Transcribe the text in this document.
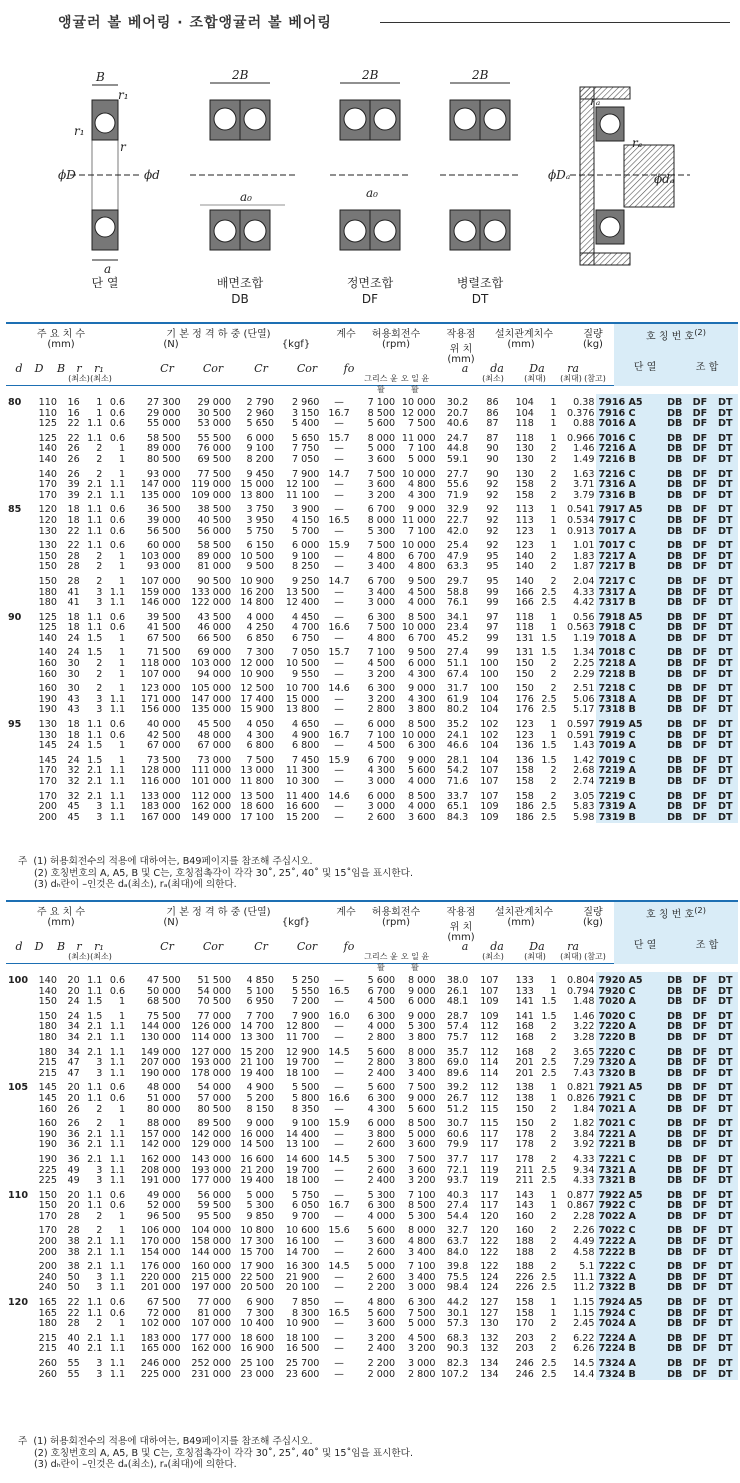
앵귤러 볼 베어링 · 조합앵귤러 볼 베어링
B
r₁
r₁
r
ϕD	ϕd
a
2B
a₀
2B
a₀
2B
rₐ
rₐ
ϕDₐ	ϕdₐ
단 열	배면조합
DB
정면조합
DF
병렬조합
DT
주 요 치 수
(mm)
기 본 정 격 하 중 (단열)
(N)	{kgf}
계수	허용회전수
(rpm)
작용점 위 치
(mm)
설치관계치수
(mm)
질량
(kg)
호 칭 번 호$^{(2)}$
단 열	조 합
d	D	B	r	r₁	Cr	Cor	Cr	Cor	fo	a	da	Da	ra
(최소) (최소)	(최소)	(최대)	(최대) (참고)
그리스 윤 활
오 일 윤 활
80	110	16	1	0.6	27 300	29 000	2 790	2 960	—	7 100	10 000	30.2	86	104	1	0.38	7916 A5	DB	DF	DT
	110	16	1	0.6	29 000	30 500	2 960	3 150	16.7	8 500	12 000	20.7	86	104	1	0.376	7916 C	DB	DF	DT
	125	22	1.1	0.6	55 000	53 000	5 650	5 400	—	5 600	7 500	40.6	87	118	1	0.88	7016 A	DB	DF	DT
	125	22	1.1	0.6	58 500	55 500	6 000	5 650	15.7	8 000	11 000	24.7	87	118	1	0.966	7016 C	DB	DF	DT
	140	26	2	1	89 000	76 000	9 100	7 750	—	5 000	7 100	44.8	90	130	2	1.46	7216 A	DB	DF	DT
	140	26	2	1	80 500	69 500	8 200	7 050	—	3 600	5 000	59.1	90	130	2	1.49	7216 B	DB	DF	DT
	140	26	2	1	93 000	77 500	9 450	7 900	14.7	7 500	10 000	27.7	90	130	2	1.63	7216 C	DB	DF	DT
	170	39	2.1	1.1	147 000	119 000	15 000	12 100	—	3 600	4 800	55.6	92	158	2	3.71	7316 A	DB	DF	DT
	170	39	2.1	1.1	135 000	109 000	13 800	11 100	—	3 200	4 300	71.9	92	158	2	3.79	7316 B	DB	DF	DT
85	120	18	1.1	0.6	36 500	38 500	3 750	3 900	—	6 700	9 000	32.9	92	113	1	0.541	7917 A5	DB	DF	DT
	120	18	1.1	0.6	39 000	40 500	3 950	4 150	16.5	8 000	11 000	22.7	92	113	1	0.534	7917 C	DB	DF	DT
	130	22	1.1	0.6	56 500	56 000	5 750	5 700	—	5 300	7 100	42.0	92	123	1	0.913	7017 A	DB	DF	DT
	130	22	1.1	0.6	60 000	58 500	6 150	6 000	15.9	7 500	10 000	25.4	92	123	1	1.01	7017 C	DB	DF	DT
	150	28	2	1	103 000	89 000	10 500	9 100	—	4 800	6 700	47.9	95	140	2	1.83	7217 A	DB	DF	DT
	150	28	2	1	93 000	81 000	9 500	8 250	—	3 400	4 800	63.3	95	140	2	1.87	7217 B	DB	DF	DT
	150	28	2	1	107 000	90 500	10 900	9 250	14.7	6 700	9 500	29.7	95	140	2	2.04	7217 C	DB	DF	DT
	180	41	3	1.1	159 000	133 000	16 200	13 500	—	3 400	4 500	58.8	99	166	2.5	4.33	7317 A	DB	DF	DT
	180	41	3	1.1	146 000	122 000	14 800	12 400	—	3 000	4 000	76.1	99	166	2.5	4.42	7317 B	DB	DF	DT
90	125	18	1.1	0.6	39 500	43 500	4 000	4 450	—	6 300	8 500	34.1	97	118	1	0.56	7918 A5	DB	DF	DT
	125	18	1.1	0.6	41 500	46 000	4 250	4 700	16.6	7 500	10 000	23.4	97	118	1	0.563	7918 C	DB	DF	DT
	140	24	1.5	1	67 500	66 500	6 850	6 750	—	4 800	6 700	45.2	99	131	1.5	1.19	7018 A	DB	DF	DT
	140	24	1.5	1	71 500	69 000	7 300	7 050	15.7	7 100	9 500	27.4	99	131	1.5	1.34	7018 C	DB	DF	DT
	160	30	2	1	118 000	103 000	12 000	10 500	—	4 500	6 000	51.1	100	150	2	2.25	7218 A	DB	DF	DT
	160	30	2	1	107 000	94 000	10 900	9 550	—	3 200	4 300	67.4	100	150	2	2.29	7218 B	DB	DF	DT
	160	30	2	1	123 000	105 000	12 500	10 700	14.6	6 300	9 000	31.7	100	150	2	2.51	7218 C	DB	DF	DT
	190	43	3	1.1	171 000	147 000	17 400	15 000	—	3 200	4 300	61.9	104	176	2.5	5.06	7318 A	DB	DF	DT
	190	43	3	1.1	156 000	135 000	15 900	13 800	—	2 800	3 800	80.2	104	176	2.5	5.17	7318 B	DB	DF	DT
95	130	18	1.1	0.6	40 000	45 500	4 050	4 650	—	6 000	8 500	35.2	102	123	1	0.597	7919 A5	DB	DF	DT
	130	18	1.1	0.6	42 500	48 000	4 300	4 900	16.7	7 100	10 000	24.1	102	123	1	0.591	7919 C	DB	DF	DT
	145	24	1.5	1	67 000	67 000	6 800	6 800	—	4 500	6 300	46.6	104	136	1.5	1.43	7019 A	DB	DF	DT
	145	24	1.5	1	73 500	73 000	7 500	7 450	15.9	6 700	9 000	28.1	104	136	1.5	1.42	7019 C	DB	DF	DT
	170	32	2.1	1.1	128 000	111 000	13 000	11 300	—	4 300	5 600	54.2	107	158	2	2.68	7219 A	DB	DF	DT
	170	32	2.1	1.1	116 000	101 000	11 800	10 300	—	3 000	4 000	71.6	107	158	2	2.74	7219 B	DB	DF	DT
	170	32	2.1	1.1	133 000	112 000	13 500	11 400	14.6	6 000	8 500	33.7	107	158	2	3.05	7219 C	DB	DF	DT
	200	45	3	1.1	183 000	162 000	18 600	16 600	—	3 000	4 000	65.1	109	186	2.5	5.83	7319 A	DB	DF	DT
	200	45	3	1.1	167 000	149 000	17 100	15 200	—	2 600	3 600	84.3	109	186	2.5	5.98	7319 B	DB	DF	DT
주 (1) 허용회전수의 적용에 대하여는, B49페이지를 참조해 주십시오.
(2) 호칭번호의 A, A5, B 및 C는, 호칭접촉각이 각각 30˚, 25˚, 40˚ 및 15˚임을 표시한다.
(3) dₕ란이 –인것은 dₐ(최소), rₐ(최대)에 의한다.
주 요 치 수
(mm)
기 본 정 격 하 중 (단열)
(N)	{kgf}
계수	허용회전수
(rpm)
작용점 위 치
(mm)
설치관계치수
(mm)
질량
(kg)
호 칭 번 호$^{(2)}$
단 열	조 합
d	D	B	r	r₁	Cr	Cor	Cr	Cor	fo	a	da	Da	ra
(최소) (최소)	(최소)	(최대)	(최대) (참고)
그리스 윤 활
오 일 윤 활
100	140	20	1.1	0.6	47 500	51 500	4 850	5 250	—	5 600	8 000	38.0	107	133	1	0.804	7920 A5	DB	DF	DT
	140	20	1.1	0.6	50 000	54 000	5 100	5 550	16.5	6 700	9 000	26.1	107	133	1	0.794	7920 C	DB	DF	DT
	150	24	1.5	1	68 500	70 500	6 950	7 200	—	4 500	6 000	48.1	109	141	1.5	1.48	7020 A	DB	DF	DT
	150	24	1.5	1	75 500	77 000	7 700	7 900	16.0	6 300	9 000	28.7	109	141	1.5	1.46	7020 C	DB	DF	DT
	180	34	2.1	1.1	144 000	126 000	14 700	12 800	—	4 000	5 300	57.4	112	168	2	3.22	7220 A	DB	DF	DT
	180	34	2.1	1.1	130 000	114 000	13 300	11 700	—	2 800	3 800	75.7	112	168	2	3.28	7220 B	DB	DF	DT
	180	34	2.1	1.1	149 000	127 000	15 200	12 900	14.5	5 600	8 000	35.7	112	168	2	3.65	7220 C	DB	DF	DT
	215	47	3	1.1	207 000	193 000	21 100	19 700	—	2 800	3 800	69.0	114	201	2.5	7.29	7320 A	DB	DF	DT
	215	47	3	1.1	190 000	178 000	19 400	18 100	—	2 400	3 400	89.6	114	201	2.5	7.43	7320 B	DB	DF	DT
105	145	20	1.1	0.6	48 000	54 000	4 900	5 500	—	5 600	7 500	39.2	112	138	1	0.821	7921 A5	DB	DF	DT
	145	20	1.1	0.6	51 000	57 000	5 200	5 800	16.6	6 300	9 000	26.7	112	138	1	0.826	7921 C	DB	DF	DT
	160	26	2	1	80 000	80 500	8 150	8 350	—	4 300	5 600	51.2	115	150	2	1.84	7021 A	DB	DF	DT
	160	26	2	1	88 000	89 500	9 000	9 100	15.9	6 000	8 500	30.7	115	150	2	1.82	7021 C	DB	DF	DT
	190	36	2.1	1.1	157 000	142 000	16 000	14 400	—	3 800	5 000	60.6	117	178	2	3.84	7221 A	DB	DF	DT
	190	36	2.1	1.1	142 000	129 000	14 500	13 100	—	2 600	3 600	79.9	117	178	2	3.92	7221 B	DB	DF	DT
	190	36	2.1	1.1	162 000	143 000	16 600	14 600	14.5	5 300	7 500	37.7	117	178	2	4.33	7221 C	DB	DF	DT
	225	49	3	1.1	208 000	193 000	21 200	19 700	—	2 600	3 600	72.1	119	211	2.5	9.34	7321 A	DB	DF	DT
	225	49	3	1.1	191 000	177 000	19 400	18 100	—	2 400	3 200	93.7	119	211	2.5	4.33	7321 B	DB	DF	DT
110	150	20	1.1	0.6	49 000	56 000	5 000	5 750	—	5 300	7 100	40.3	117	143	1	0.877	7922 A5	DB	DF	DT
	150	20	1.1	0.6	52 000	59 500	5 300	6 050	16.7	6 300	8 500	27.4	117	143	1	0.867	7922 C	DB	DF	DT
	170	28	2	1	96 500	95 500	9 850	9 700	—	4 000	5 300	54.4	120	160	2	2.28	7022 A	DB	DF	DT
	170	28	2	1	106 000	104 000	10 800	10 600	15.6	5 600	8 000	32.7	120	160	2	2.26	7022 C	DB	DF	DT
	200	38	2.1	1.1	170 000	158 000	17 300	16 100	—	3 600	4 800	63.7	122	188	2	4.49	7222 A	DB	DF	DT
	200	38	2.1	1.1	154 000	144 000	15 700	14 700	—	2 600	3 400	84.0	122	188	2	4.58	7222 B	DB	DF	DT
	200	38	2.1	1.1	176 000	160 000	17 900	16 300	14.5	5 000	7 100	39.8	122	188	2	5.1	7222 C	DB	DF	DT
	240	50	3	1.1	220 000	215 000	22 500	21 900	—	2 600	3 400	75.5	124	226	2.5	11.1	7322 A	DB	DF	DT
	240	50	3	1.1	201 000	197 000	20 500	20 100	—	2 200	3 000	98.4	124	226	2.5	11.2	7322 B	DB	DF	DT
120	165	22	1.1	0.6	67 500	77 000	6 900	7 850	—	4 800	6 300	44.2	127	158	1	1.15	7924 A5	DB	DF	DT
	165	22	1.1	0.6	72 000	81 000	7 300	8 300	16.5	5 600	7 500	30.1	127	158	1	1.15	7924 C	DB	DF	DT
	180	28	2	1	102 000	107 000	10 400	10 900	—	3 600	5 000	57.3	130	170	2	2.45	7024 A	DB	DF	DT
	215	40	2.1	1.1	183 000	177 000	18 600	18 100	—	3 200	4 500	68.3	132	203	2	6.22	7224 A	DB	DF	DT
	215	40	2.1	1.1	165 000	162 000	16 900	16 500	—	2 400	3 200	90.3	132	203	2	6.26	7224 B	DB	DF	DT
	260	55	3	1.1	246 000	252 000	25 100	25 700	—	2 200	3 000	82.3	134	246	2.5	14.5	7324 A	DB	DF	DT
	260	55	3	1.1	225 000	231 000	23 000	23 600	—	2 000	2 800	107.2	134	246	2.5	14.4	7324 B	DB	DF	DT
주 (1) 허용회전수의 적용에 대하여는, B49페이지를 참조해 주십시오.
(2) 호칭번호의 A, A5, B 및 C는, 호칭접촉각이 각각 30˚, 25˚, 40˚ 및 15˚임을 표시한다.
(3) dₕ란이 –인것은 dₐ(최소), rₐ(최대)에 의한다.
